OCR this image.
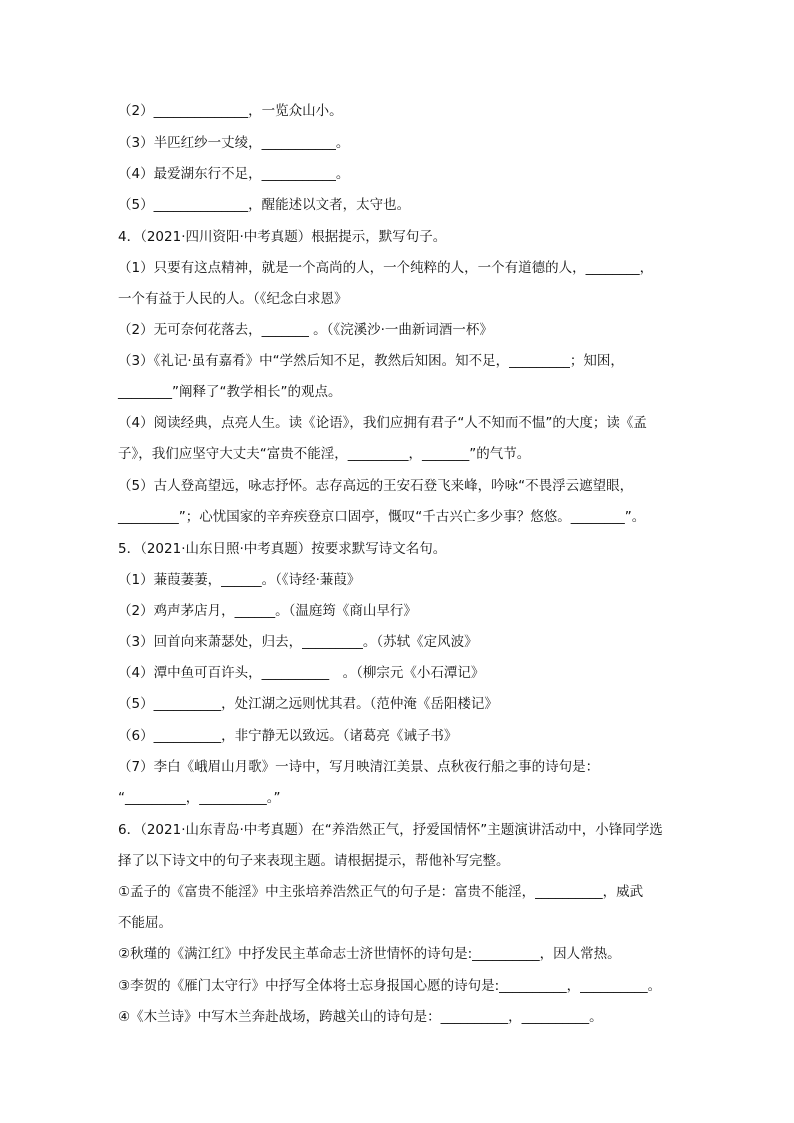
（2）______________，一览众山小。
（3）半匹红纱一丈绫，___________。
（4）最爱湖东行不足，___________。
（5）______________，醒能述以文者，太守也。
4．（2021·四川资阳·中考真题）根据提示，默写句子。
（1）只要有这点精神，就是一个高尚的人，一个纯粹的人，一个有道德的人，________，
一个有益于人民的人。（《纪念白求恩》
（2）无可奈何花落去，_______ 。（《浣溪沙·一曲新词酒一杯》
（3）《礼记·虽有嘉肴》中“学然后知不足，教然后知困。知不足，_________；知困，
________”阐释了“教学相长”的观点。
（4）阅读经典，点亮人生。读《论语》，我们应拥有君子“人不知而不愠”的大度；读《孟
子》，我们应坚守大丈夫“富贵不能淫，_________，_______”的气节。
（5）古人登高望远，咏志抒怀。志存高远的王安石登飞来峰，吟咏“不畏浮云遮望眼，
_________”；心忧国家的辛弃疾登京口固亭，慨叹“千古兴亡多少事？悠悠。________”。
5．（2021·山东日照·中考真题）按要求默写诗文名句。
（1）蒹葭萋萋，______。（《诗经·蒹葭》
（2）鸡声茅店月，______。（温庭筠《商山早行》
（3）回首向来萧瑟处，归去，_________。（苏轼《定风波》
（4）潭中鱼可百许头，__________　。（柳宗元《小石潭记》
（5）__________，处江湖之远则忧其君。（范仲淹《岳阳楼记》
（6）__________，非宁静无以致远。（诸葛亮《诫子书》
（7）李白《峨眉山月歌》一诗中，写月映清江美景、点秋夜行船之事的诗句是：
“_________，__________。”
6．（2021·山东青岛·中考真题）在“养浩然正气，抒爱国情怀”主题演讲活动中，小锋同学选
择了以下诗文中的句子来表现主题。请根据提示，帮他补写完整。
①孟子的《富贵不能淫》中主张培养浩然正气的句子是：富贵不能淫，__________，威武
不能屈。
②秋瑾的《满江红》中抒发民主革命志士济世情怀的诗句是:__________，因人常热。
③李贺的《雁门太守行》中抒写全体将士忘身报国心愿的诗句是:__________，__________。
④《木兰诗》中写木兰奔赴战场，跨越关山的诗句是：__________，__________。
